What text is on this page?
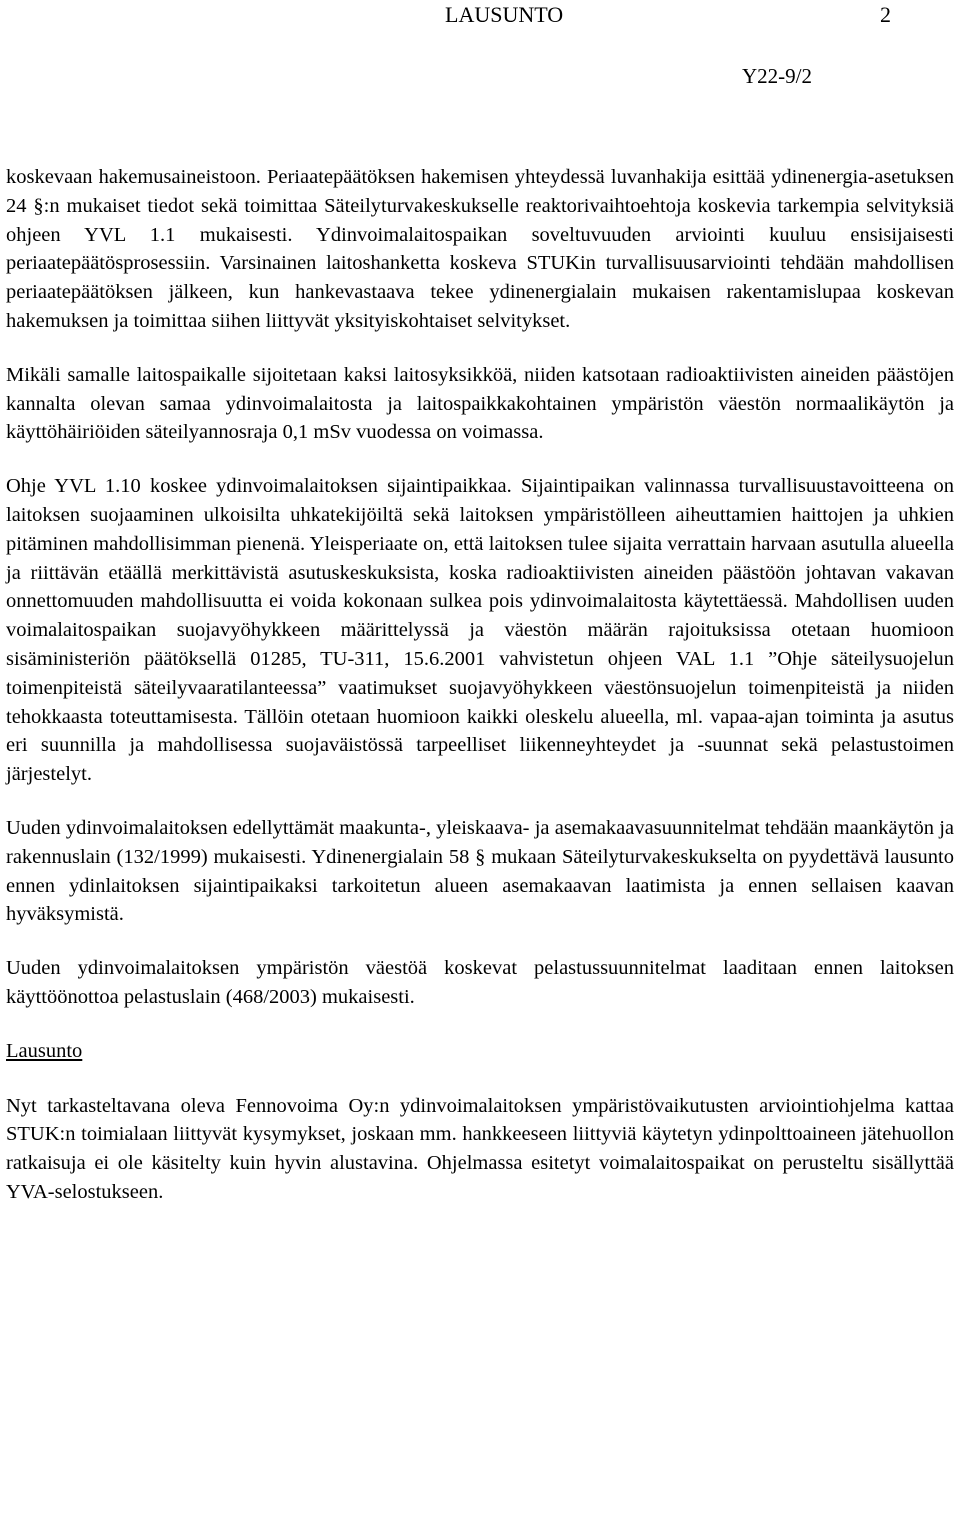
LAUSUNTO	2
Y22-9/2

koskevaan hakemusaineistoon. Periaatepäätöksen hakemisen yhteydessä luvanhakija esittää ydinenergia-asetuksen 24 §:n mukaiset tiedot sekä toimittaa Säteilyturvakeskukselle reaktorivaihtoehtoja koskevia tarkempia selvityksiä ohjeen YVL 1.1 mukaisesti. Ydinvoimalaitospaikan soveltuvuuden arviointi kuuluu ensisijaisesti periaatepäätösprosessiin. Varsinainen laitoshanketta koskeva STUKin turvallisuusarviointi tehdään mahdollisen periaatepäätöksen jälkeen, kun hankevastaava tekee ydinenergialain mukaisen rakentamislupaa koskevan hakemuksen ja toimittaa siihen liittyvät yksityiskohtaiset selvitykset.

Mikäli samalle laitospaikalle sijoitetaan kaksi laitosyksikköä, niiden katsotaan radioaktiivisten aineiden päästöjen kannalta olevan samaa ydinvoimalaitosta ja laitospaikkakohtainen ympäristön väestön normaalikäytön ja käyttöhäiriöiden säteilyannosraja 0,1 mSv vuodessa on voimassa.

Ohje YVL 1.10 koskee ydinvoimalaitoksen sijaintipaikkaa. Sijaintipaikan valinnassa turvallisuustavoitteena on laitoksen suojaaminen ulkoisilta uhkatekijöiltä sekä laitoksen ympäristölleen aiheuttamien haittojen ja uhkien pitäminen mahdollisimman pienenä. Yleisperiaate on, että laitoksen tulee sijaita verrattain harvaan asutulla alueella ja riittävän etäällä merkittävistä asutuskeskuksista, koska radioaktiivisten aineiden päästöön johtavan vakavan onnettomuuden mahdollisuutta ei voida kokonaan sulkea pois ydinvoimalaitosta käytettäessä. Mahdollisen uuden voimalaitospaikan suojavyöhykkeen määrittelyssä ja väestön määrän rajoituksissa otetaan huomioon sisäministeriön päätöksellä 01285, TU-311, 15.6.2001 vahvistetun ohjeen VAL 1.1 ”Ohje säteilysuojelun toimenpiteistä säteilyvaaratilanteessa” vaatimukset suojavyöhykkeen väestönsuojelun toimenpiteistä ja niiden tehokkaasta toteuttamisesta. Tällöin otetaan huomioon kaikki oleskelu alueella, ml. vapaa-ajan toiminta ja asutus eri suunnilla ja mahdollisessa suojaväistössä tarpeelliset liikenneyhteydet ja -suunnat sekä pelastustoimen järjestelyt.

Uuden ydinvoimalaitoksen edellyttämät maakunta-, yleiskaava- ja asemakaavasuunnitelmat tehdään maankäytön ja rakennuslain (132/1999) mukaisesti. Ydinenergialain 58 § mukaan Säteilyturvakeskukselta on pyydettävä lausunto ennen ydinlaitoksen sijaintipaikaksi tarkoitetun alueen asemakaavan laatimista ja ennen sellaisen kaavan hyväksymistä.

Uuden ydinvoimalaitoksen ympäristön väestöä koskevat pelastussuunnitelmat laaditaan ennen laitoksen käyttöönottoa pelastuslain (468/2003) mukaisesti.

Lausunto

Nyt tarkasteltavana oleva Fennovoima Oy:n ydinvoimalaitoksen ympäristövaikutusten arviointiohjelma kattaa STUK:n toimialaan liittyvät kysymykset, joskaan mm. hankkeeseen liittyviä käytetyn ydinpolttoaineen jätehuollon ratkaisuja ei ole käsitelty kuin hyvin alustavina. Ohjelmassa esitetyt voimalaitospaikat on perusteltu sisällyttää YVA-selostukseen.
